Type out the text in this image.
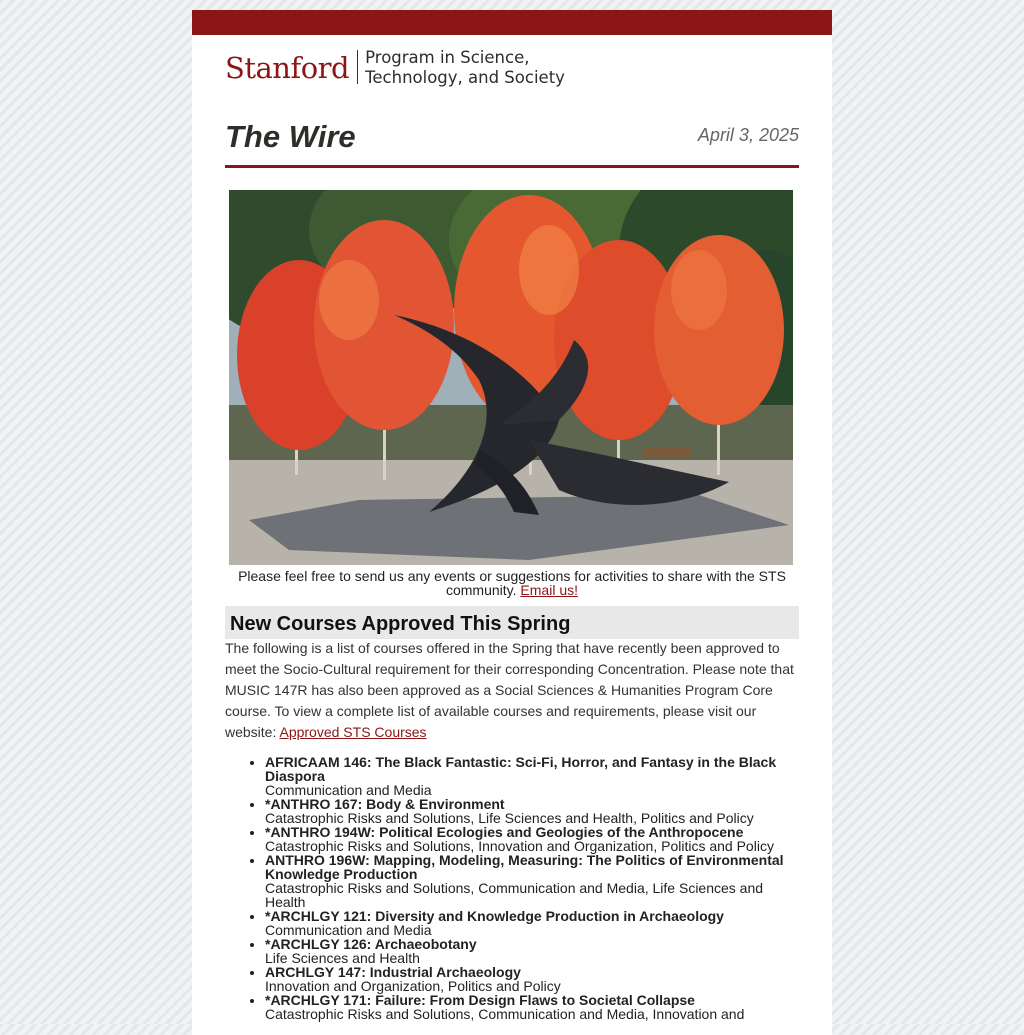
Stanford Program in Science,
Technology, and Society
The Wire	April 3, 2025
Please feel free to send us any events or suggestions for activities to share with the STS community. Email us!
New Courses Approved This Spring

The following is a list of courses offered in the Spring that have recently been approved to meet the Socio-Cultural requirement for their corresponding Concentration. Please note that MUSIC 147R has also been approved as a Social Sciences & Humanities Program Core course. To view a complete list of available courses and requirements, please visit our website: Approved STS Courses

• AFRICAAM 146: The Black Fantastic: Sci-Fi, Horror, and Fantasy in the Black Diaspora
Communication and Media
• *ANTHRO 167: Body & Environment
Catastrophic Risks and Solutions, Life Sciences and Health, Politics and Policy
• *ANTHRO 194W: Political Ecologies and Geologies of the Anthropocene
Catastrophic Risks and Solutions, Innovation and Organization, Politics and Policy
• ANTHRO 196W: Mapping, Modeling, Measuring: The Politics of Environmental Knowledge Production
Catastrophic Risks and Solutions, Communication and Media, Life Sciences and Health
• *ARCHLGY 121: Diversity and Knowledge Production in Archaeology
Communication and Media
• *ARCHLGY 126: Archaeobotany
Life Sciences and Health
• ARCHLGY 147: Industrial Archaeology
Innovation and Organization, Politics and Policy
• *ARCHLGY 171: Failure: From Design Flaws to Societal Collapse
Catastrophic Risks and Solutions, Communication and Media, Innovation and
